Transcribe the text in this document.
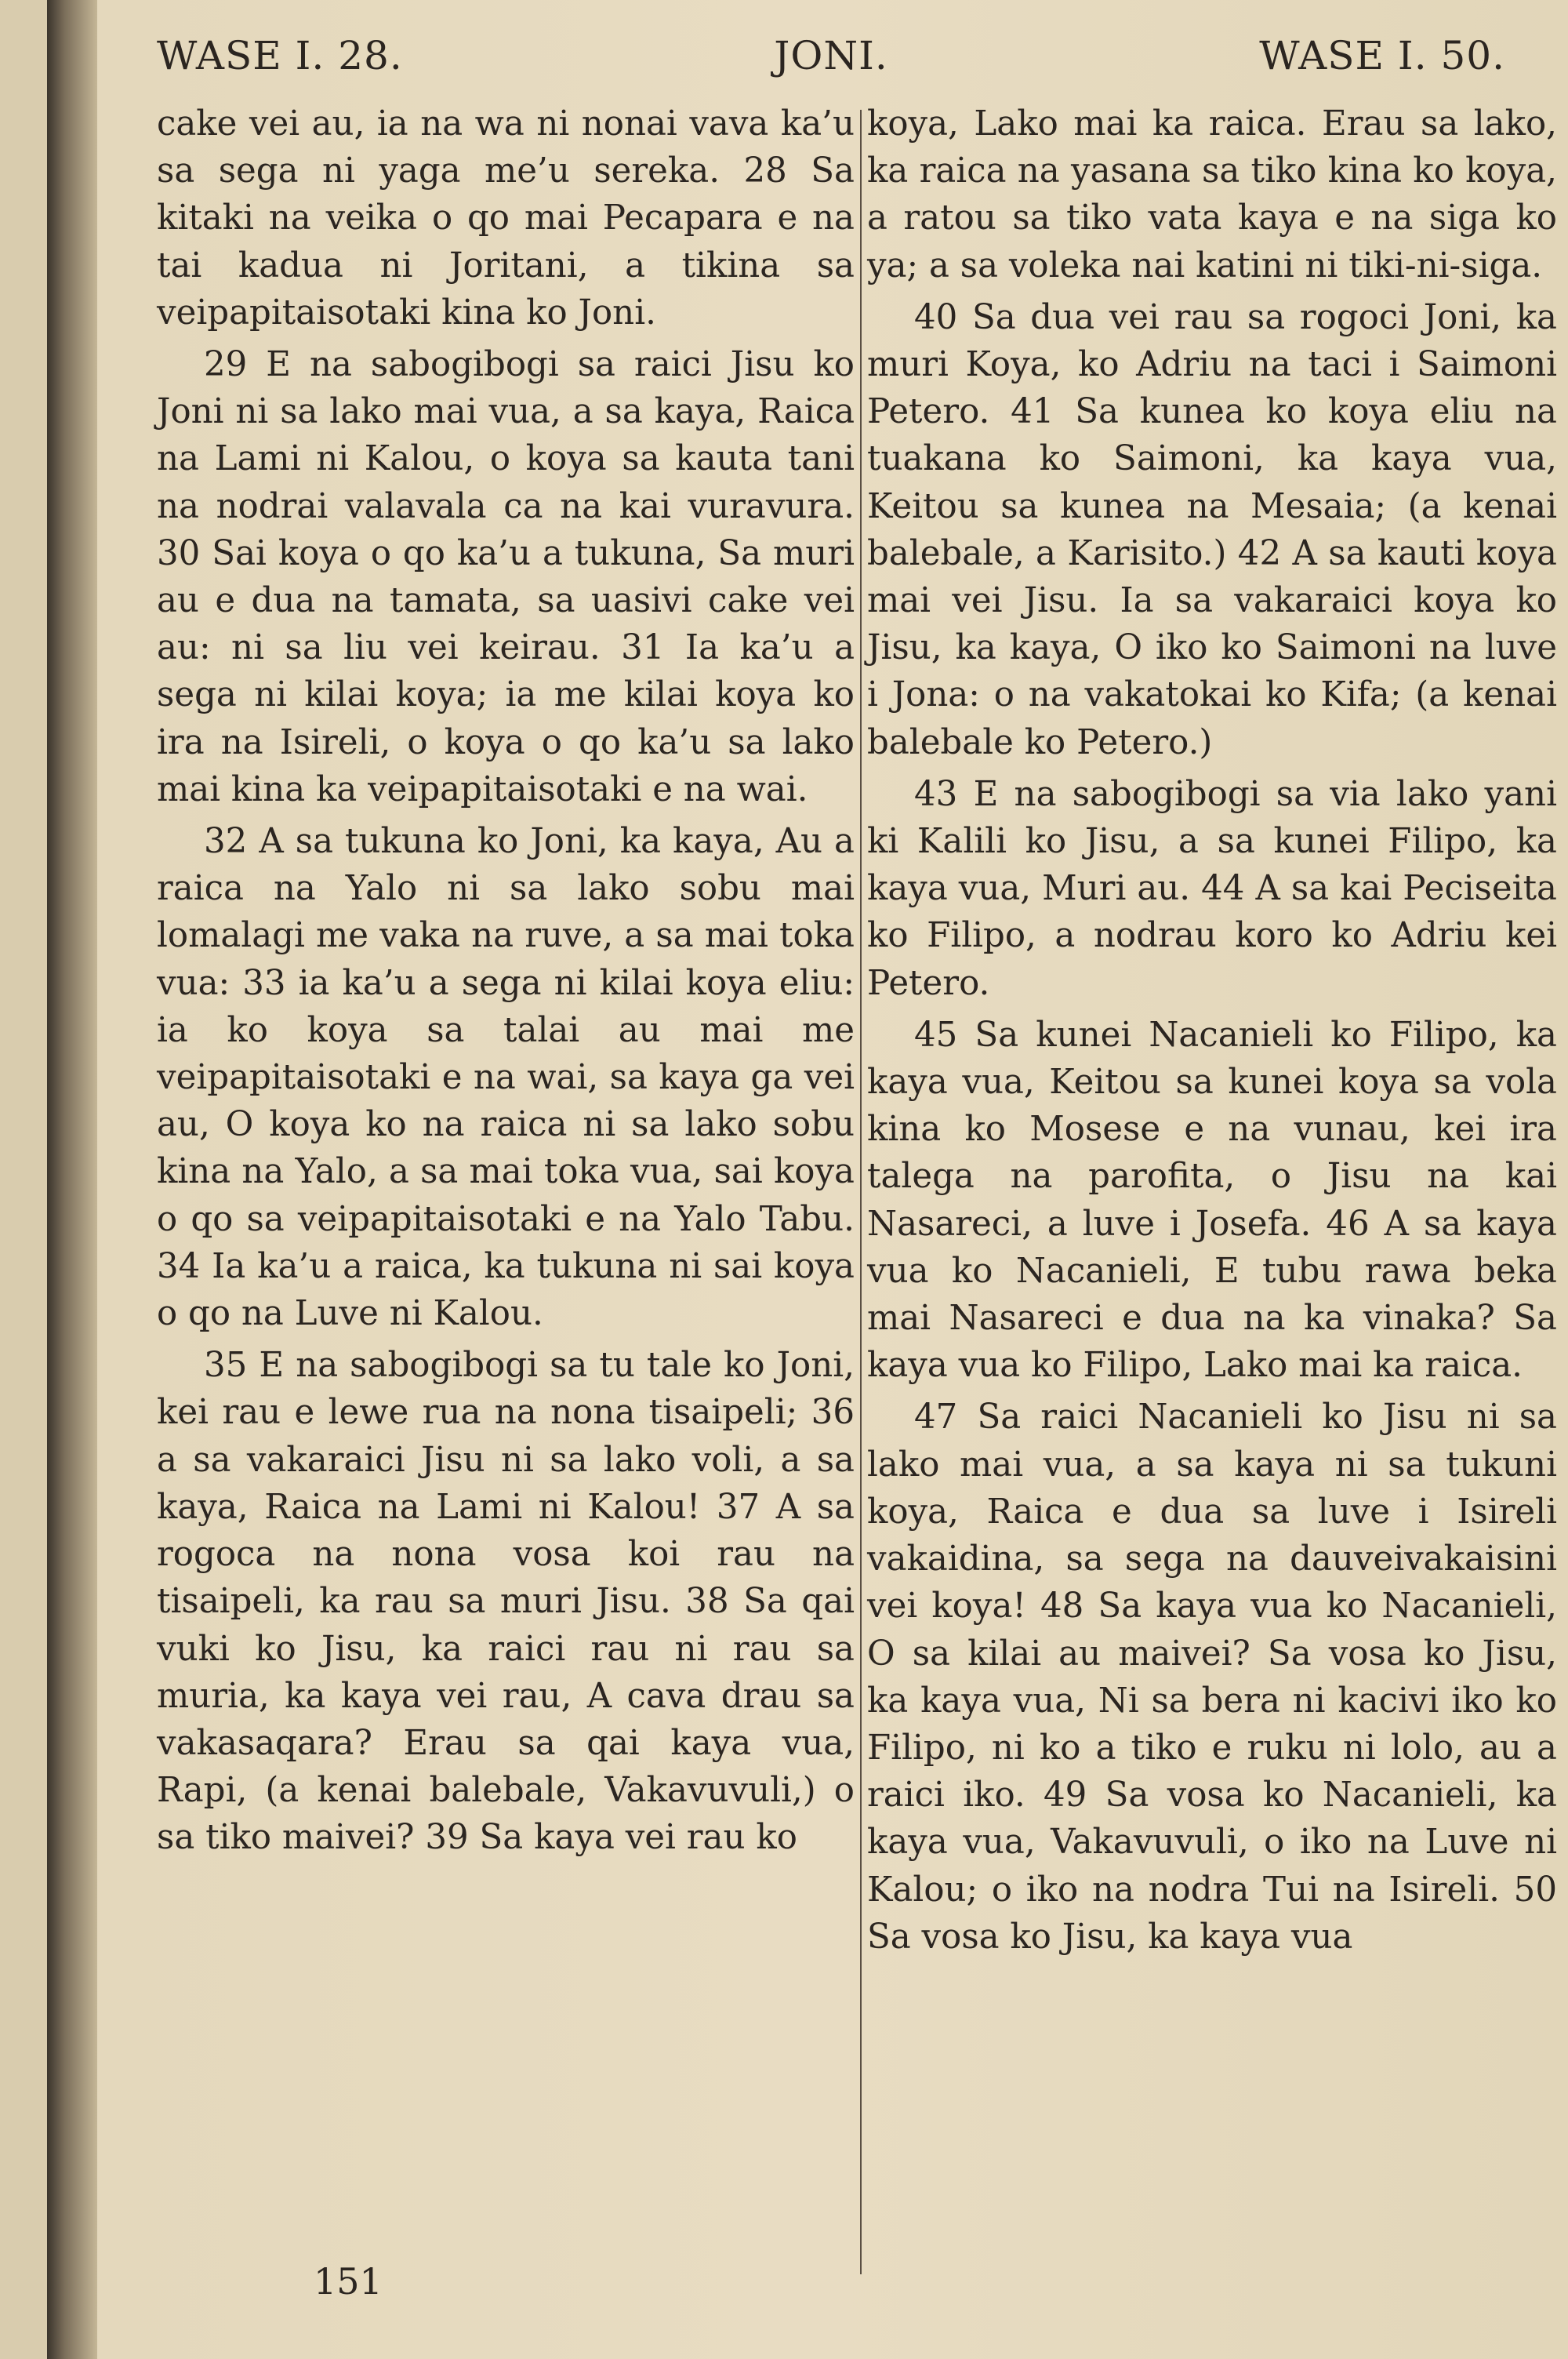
WASE I. 28.	JONI.	WASE I. 50.

cake vei au, ia na wa ni nonai vava ka’u sa sega ni yaga me’u sereka. 28 Sa kitaki na veika o qo mai Pecapara e na tai kadua ni Joritani, a tikina sa veipapitaisotaki kina ko Joni.

29 E na sabogibogi sa raici Jisu ko Joni ni sa lako mai vua, a sa kaya, Raica na Lami ni Kalou, o koya sa kauta tani na nodrai valavala ca na kai vuravura. 30 Sai koya o qo ka’u a tukuna, Sa muri au e dua na tamata, sa uasivi cake vei au: ni sa liu vei keirau. 31 Ia ka’u a sega ni kilai koya; ia me kilai koya ko ira na Isireli, o koya o qo ka’u sa lako mai kina ka veipapitaisotaki e na wai.

32 A sa tukuna ko Joni, ka kaya, Au a raica na Yalo ni sa lako sobu mai lomalagi me vaka na ruve, a sa mai toka vua: 33 ia ka’u a sega ni kilai koya eliu: ia ko koya sa talai au mai me veipapitaisotaki e na wai, sa kaya ga vei au, O koya ko na raica ni sa lako sobu kina na Yalo, a sa mai toka vua, sai koya o qo sa veipapitaisotaki e na Yalo Tabu. 34 Ia ka’u a raica, ka tukuna ni sai koya o qo na Luve ni Kalou.

35 E na sabogibogi sa tu tale ko Joni, kei rau e lewe rua na nona tisaipeli; 36 a sa vakaraici Jisu ni sa lako voli, a sa kaya, Raica na Lami ni Kalou! 37 A sa rogoca na nona vosa koi rau na tisaipeli, ka rau sa muri Jisu. 38 Sa qai vuki ko Jisu, ka raici rau ni rau sa muria, ka kaya vei rau, A cava drau sa vakasaqara? Erau sa qai kaya vua, Rapi, (a kenai balebale, Vakavuvuli,) o sa tiko maivei? 39 Sa kaya vei rau ko

koya, Lako mai ka raica. Erau sa lako, ka raica na yasana sa tiko kina ko koya, a ratou sa tiko vata kaya e na siga ko ya; a sa voleka nai katini ni tiki-ni-siga.

40 Sa dua vei rau sa rogoci Joni, ka muri Koya, ko Adriu na taci i Saimoni Petero. 41 Sa kunea ko koya eliu na tuakana ko Saimoni, ka kaya vua, Keitou sa kunea na Mesaia; (a kenai balebale, a Karisito.) 42 A sa kauti koya mai vei Jisu. Ia sa vakaraici koya ko Jisu, ka kaya, O iko ko Saimoni na luve i Jona: o na vakatokai ko Kifa; (a kenai balebale ko Petero.)

43 E na sabogibogi sa via lako yani ki Kalili ko Jisu, a sa kunei Filipo, ka kaya vua, Muri au. 44 A sa kai Peciseita ko Filipo, a nodrau koro ko Adriu kei Petero.

45 Sa kunei Nacanieli ko Filipo, ka kaya vua, Keitou sa kunei koya sa vola kina ko Mosese e na vunau, kei ira talega na parofita, o Jisu na kai Nasareci, a luve i Josefa. 46 A sa kaya vua ko Nacanieli, E tubu rawa beka mai Nasareci e dua na ka vinaka? Sa kaya vua ko Filipo, Lako mai ka raica.

47 Sa raici Nacanieli ko Jisu ni sa lako mai vua, a sa kaya ni sa tukuni koya, Raica e dua sa luve i Isireli vakaidina, sa sega na dauveivakaisini vei koya! 48 Sa kaya vua ko Nacanieli, O sa kilai au maivei? Sa vosa ko Jisu, ka kaya vua, Ni sa bera ni kacivi iko ko Filipo, ni ko a tiko e ruku ni lolo, au a raici iko. 49 Sa vosa ko Nacanieli, ka kaya vua, Vakavuvuli, o iko na Luve ni Kalou; o iko na nodra Tui na Isireli. 50 Sa vosa ko Jisu, ka kaya vua

151
